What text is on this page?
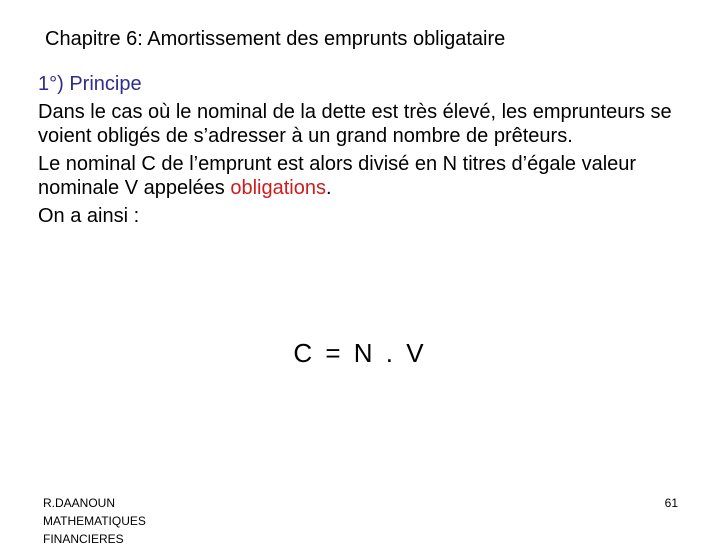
Chapitre 6: Amortissement des emprunts obligataire

1°) Principe

Dans le cas où le nominal de la dette est très élevé, les emprunteurs se voient obligés de s’adresser à un grand nombre de prêteurs.

Le nominal C de l’emprunt est alors divisé en N titres d’égale valeur nominale V appelées obligations.

On a ainsi :

C = N . V
R.DAANOUN
MATHEMATIQUES
FINANCIERES
61
